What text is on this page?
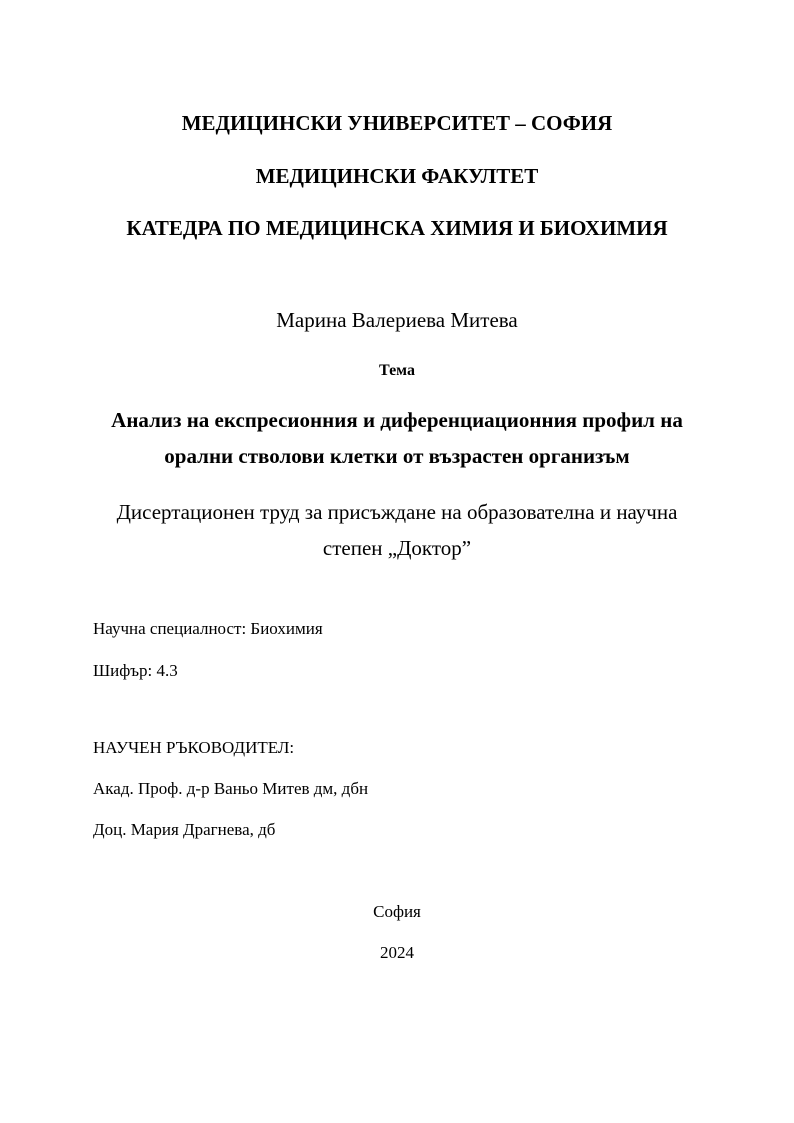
МЕДИЦИНСКИ УНИВЕРСИТЕТ – СОФИЯ
МЕДИЦИНСКИ ФАКУЛТЕТ
КАТЕДРА ПО МЕДИЦИНСКА ХИМИЯ И БИОХИМИЯ
Марина Валериева Митева
Тема
Анализ на експресионния и диференциационния профил на
орални стволови клетки от възрастен организъм
Дисертационен труд за присъждане на образователна и научна
степен „Доктор”
Научна специалност: Биохимия
Шифър: 4.3
НАУЧЕН РЪКОВОДИТЕЛ:
Акад. Проф. д-р Ваньо Митев дм, дбн
Доц. Мария Драгнева, дб
София
2024
